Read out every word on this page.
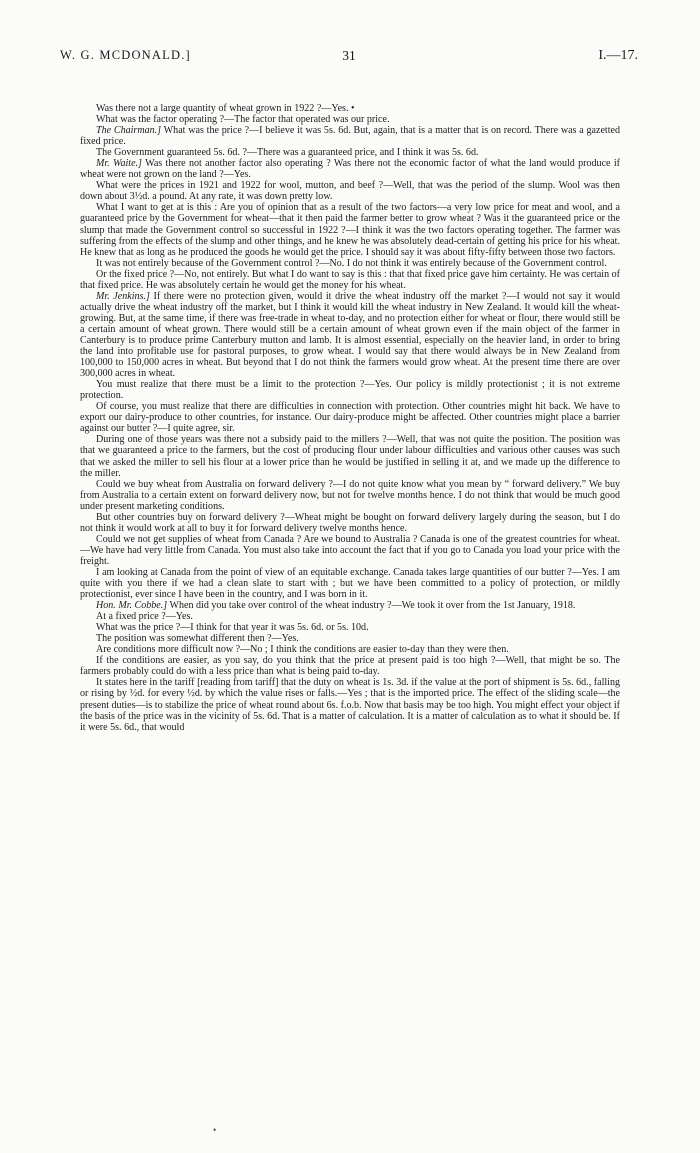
W. G. MCDONALD.]	31	I.—17.

Was there not a large quantity of wheat grown in 1922 ?—Yes. •

What was the factor operating ?—The factor that operated was our price.

The Chairman.] What was the price ?—I believe it was 5s. 6d. But, again, that is a matter that is on record. There was a gazetted fixed price.

The Government guaranteed 5s. 6d. ?—There was a guaranteed price, and I think it was 5s. 6d.

Mr. Waite.] Was there not another factor also operating ? Was there not the economic factor of what the land would produce if wheat were not grown on the land ?—Yes.

What were the prices in 1921 and 1922 for wool, mutton, and beef ?—Well, that was the period of the slump. Wool was then down about 3½d. a pound. At any rate, it was down pretty low.

What I want to get at is this : Are you of opinion that as a result of the two factors—a very low price for meat and wool, and a guaranteed price by the Government for wheat—that it then paid the farmer better to grow wheat ? Was it the guaranteed price or the slump that made the Government control so successful in 1922 ?—I think it was the two factors operating together. The farmer was suffering from the effects of the slump and other things, and he knew he was absolutely dead-certain of getting his price for his wheat. He knew that as long as he produced the goods he would get the price. I should say it was about fifty-fifty between those two factors.

It was not entirely because of the Government control ?—No. I do not think it was entirely because of the Government control.

Or the fixed price ?—No, not entirely. But what I do want to say is this : that that fixed price gave him certainty. He was certain of that fixed price. He was absolutely certain he would get the money for his wheat.

Mr. Jenkins.] If there were no protection given, would it drive the wheat industry off the market ?—I would not say it would actually drive the wheat industry off the market, but I think it would kill the wheat industry in New Zealand. It would kill the wheat-growing. But, at the same time, if there was free-trade in wheat to-day, and no protection either for wheat or flour, there would still be a certain amount of wheat grown. There would still be a certain amount of wheat grown even if the main object of the farmer in Canterbury is to produce prime Canterbury mutton and lamb. It is almost essential, especially on the heavier land, in order to bring the land into profitable use for pastoral purposes, to grow wheat. I would say that there would always be in New Zealand from 100,000 to 150,000 acres in wheat. But beyond that I do not think the farmers would grow wheat. At the present time there are over 300,000 acres in wheat.

You must realize that there must be a limit to the protection ?—Yes. Our policy is mildly protectionist ; it is not extreme protection.

Of course, you must realize that there are difficulties in connection with protection. Other countries might hit back. We have to export our dairy-produce to other countries, for instance. Our dairy-produce might be affected. Other countries might place a barrier against our butter ?—I quite agree, sir.

During one of those years was there not a subsidy paid to the millers ?—Well, that was not quite the position. The position was that we guaranteed a price to the farmers, but the cost of producing flour under labour difficulties and various other causes was such that we asked the miller to sell his flour at a lower price than he would be justified in selling it at, and we made up the difference to the miller.

Could we buy wheat from Australia on forward delivery ?—I do not quite know what you mean by “ forward delivery.” We buy from Australia to a certain extent on forward delivery now, but not for twelve months hence. I do not think that would be much good under present marketing conditions.

But other countries buy on forward delivery ?—Wheat might be bought on forward delivery largely during the season, but I do not think it would work at all to buy it for forward delivery twelve months hence.

Could we not get supplies of wheat from Canada ? Are we bound to Australia ? Canada is one of the greatest countries for wheat.—We have had very little from Canada. You must also take into account the fact that if you go to Canada you load your price with the freight.

I am looking at Canada from the point of view of an equitable exchange. Canada takes large quantities of our butter ?—Yes. I am quite with you there if we had a clean slate to start with ; but we have been committed to a policy of protection, or mildly protectionist, ever since I have been in the country, and I was born in it.

Hon. Mr. Cobbe.] When did you take over control of the wheat industry ?—We took it over from the 1st January, 1918.

At a fixed price ?—Yes.

What was the price ?—I think for that year it was 5s. 6d. or 5s. 10d.

The position was somewhat different then ?—Yes.

Are conditions more difficult now ?—No ; I think the conditions are easier to-day than they were then.

If the conditions are easier, as you say, do you think that the price at present paid is too high ?—Well, that might be so. The farmers probably could do with a less price than what is being paid to-day.

It states here in the tariff [reading from tariff] that the duty on wheat is 1s. 3d. if the value at the port of shipment is 5s. 6d., falling or rising by ½d. for every ½d. by which the value rises or falls.—Yes ; that is the imported price. The effect of the sliding scale—the present duties—is to stabilize the price of wheat round about 6s. f.o.b. Now that basis may be too high. You might effect your object if the basis of the price was in the vicinity of 5s. 6d. That is a matter of calculation. It is a matter of calculation as to what it should be. If it were 5s. 6d., that would

•
